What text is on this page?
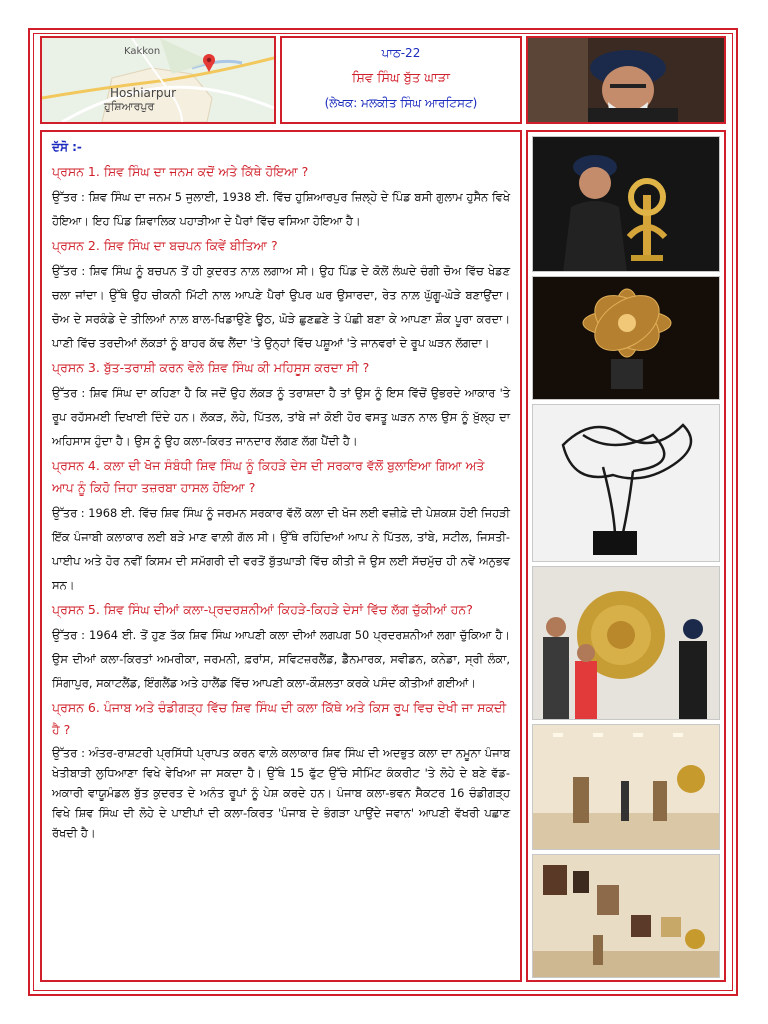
Kakkon
Hoshiarpur
ਹੁਸ਼ਿਆਰਪੁਰ
ਪਾਠ-22
ਸ਼ਿਵ ਸਿੰਘ ਬੁੱਤ ਘਾੜਾ
(ਲੇਖਕ: ਮਲਕੀਤ ਸਿੰਘ ਆਰਟਿਸਟ)
ਦੱਸੋ :-
ਪ੍ਰਸਨ 1. ਸ਼ਿਵ ਸਿੰਘ ਦਾ ਜਨਮ ਕਦੋਂ ਅਤੇ ਕਿੱਥੇ ਹੋਇਆ ?
ਉੱਤਰ : ਸ਼ਿਵ ਸਿੰਘ ਦਾ ਜਨਮ 5 ਜੁਲਾਈ, 1938 ਈ. ਵਿੱਚ ਹੁਸ਼ਿਆਰਪੁਰ ਜ਼ਿਲ੍ਹੇ ਦੇ ਪਿੰਡ ਬਸੀ ਗੁਲਾਮ ਹੁਸੈਨ ਵਿਖੇ ਹੋਇਆ। ਇਹ ਪਿੰਡ ਸ਼ਿਵਾਲਿਕ ਪਹਾੜੀਆ ਦੇ ਪੈਰਾਂ ਵਿੱਚ ਵਸਿਆ ਹੋਇਆ ਹੈ।
ਪ੍ਰਸਨ 2. ਸ਼ਿਵ ਸਿੰਘ ਦਾ ਬਚਪਨ ਕਿਵੇਂ ਬੀਤਿਆ ?
ਉੱਤਰ : ਸ਼ਿਵ ਸਿੰਘ ਨੂੰ ਬਚਪਨ ਤੋਂ ਹੀ ਕੁਦਰਤ ਨਾਲ਼ ਲਗਾਅ ਸੀ। ਉਹ ਪਿੰਡ ਦੇ ਕੋਲੋਂ ਲੰਘਦੇ ਚੰਗੀ ਚੋਅ ਵਿੱਚ ਖੇਡਣ ਚਲਾ ਜਾਂਦਾ। ਉੱਥੇ ਉਹ ਚੀਕਨੀ ਮਿੱਟੀ ਨਾਲ ਆਪਣੇ ਪੈਰਾਂ ਉਪਰ ਘਰ ਉਸਾਰਦਾ, ਰੇਤ ਨਾਲ਼ ਘੁੱਗੂ-ਘੋੜੇ ਬਣਾਉਂਦਾ। ਚੋਅ ਦੇ ਸਰਕੰਡੇ ਦੇ ਤੀਲਿਆਂ ਨਾਲ਼ ਬਾਲ-ਖਿਡਾਉਣੇ ਊਠ, ਘੋੜੇ ਛੁਣਛਣੇ ਤੇ ਪੰਛੀ ਬਣਾ ਕੇ ਆਪਣਾ ਸ਼ੌਕ ਪੂਰਾ ਕਰਦਾ। ਪਾਣੀ ਵਿੱਚ ਤਰਦੀਆਂ ਲੱਕੜਾਂ ਨੂੰ ਬਾਹਰ ਕੱਢ ਲੈਂਦਾ 'ਤੇ ਉਨ੍ਹਾਂ ਵਿੱਚ ਪਸ਼ੂਆਂ 'ਤੇ ਜਾਨਵਰਾਂ ਦੇ ਰੂਪ ਘੜਨ ਲੱਗਦਾ।
ਪ੍ਰਸਨ 3. ਬੁੱਤ-ਤਰਾਸ਼ੀ ਕਰਨ ਵੇਲੇ ਸ਼ਿਵ ਸਿੰਘ ਕੀ ਮਹਿਸੂਸ ਕਰਦਾ ਸੀ ?
ਉੱਤਰ : ਸ਼ਿਵ ਸਿੰਘ ਦਾ ਕਹਿਣਾ ਹੈ ਕਿ ਜਦੋਂ ਉਹ ਲੱਕੜ ਨੂੰ ਤਰਾਸ਼ਦਾ ਹੈ ਤਾਂ ਉਸ ਨੂੰ ਇਸ ਵਿੱਚੋਂ ਉਭਰਦੇ ਆਕਾਰ 'ਤੇ ਰੂਪ ਰਹੱਸਮਈ ਦਿਖਾਈ ਦਿੰਦੇ ਹਨ। ਲੱਕੜ, ਲੋਹੇ, ਪਿੱਤਲ, ਤਾਂਬੇ ਜਾਂ ਕੋਈ ਹੋਰ ਵਸਤੂ ਘੜਨ ਨਾਲ ਉਸ ਨੂੰ ਖ਼ੁੱਲ੍ਹ ਦਾ ਅਹਿਸਾਸ ਹੁੰਦਾ ਹੈ। ਉਸ ਨੂੰ ਉਹ ਕਲਾ-ਕਿਰਤ ਜਾਨਦਾਰ ਲੱਗਣ ਲੱਗ ਪੈਂਦੀ ਹੈ।
ਪ੍ਰਸਨ 4. ਕਲਾ ਦੀ ਖੋਜ ਸੰਬੰਧੀ ਸ਼ਿਵ ਸਿੰਘ ਨੂੰ ਕਿਹੜੇ ਦੇਸ ਦੀ ਸਰਕਾਰ ਵੱਲੋਂ ਬੁਲਾਇਆ ਗਿਆ ਅਤੇ ਆਪ ਨੂੰ ਕਿਹੋ ਜਿਹਾ ਤਜ਼ਰਬਾ ਹਾਸਲ ਹੋਇਆ ?
ਉੱਤਰ : 1968 ਈ. ਵਿੱਚ ਸ਼ਿਵ ਸਿੰਘ ਨੂੰ ਜਰਮਨ ਸਰਕਾਰ ਵੱਲੋਂ ਕਲਾ ਦੀ ਖੋਜ ਲਈ ਵਜ਼ੀਫ਼ੇ ਦੀ ਪੇਸ਼ਕਸ਼ ਹੋਈ ਜਿਹੜੀ ਇੱਕ ਪੰਜਾਬੀ ਕਲਾਕਾਰ ਲਈ ਬੜੇ ਮਾਣ ਵਾਲ਼ੀ ਗੱਲ ਸੀ। ਉੱਥੇ ਰਹਿੰਦਿਆਂ ਆਪ ਨੇ ਪਿੱਤਲ, ਤਾਂਬੇ, ਸਟੀਲ, ਜਿਸਤੀ-ਪਾਈਪ ਅਤੇ ਹੋਰ ਨਵੀਂ ਕਿਸਮ ਦੀ ਸਮੱਗਰੀ ਦੀ ਵਰਤੋਂ ਬੁੱਤਘਾੜੀ ਵਿੱਚ ਕੀਤੀ ਜੋ ਉਸ ਲਈ ਸੱਚਮੁੱਚ ਹੀ ਨਵੇਂ ਅਨੁਭਵ ਸਨ।
ਪ੍ਰਸਨ 5. ਸ਼ਿਵ ਸਿੰਘ ਦੀਆਂ ਕਲਾ-ਪ੍ਰਦਰਸ਼ਨੀਆਂ ਕਿਹੜੇ-ਕਿਹੜੇ ਦੇਸਾਂ ਵਿੱਚ ਲੱਗ ਚੁੱਕੀਆਂ ਹਨ?
ਉੱਤਰ : 1964 ਈ. ਤੋਂ ਹੁਣ ਤੱਕ ਸ਼ਿਵ ਸਿੰਘ ਆਪਣੀ ਕਲਾ ਦੀਆਂ ਲਗਪਗ 50 ਪ੍ਰਦਰਸ਼ਨੀਆਂ ਲਗਾ ਚੁੱਕਿਆ ਹੈ। ਉਸ ਦੀਆਂ ਕਲਾ-ਕਿਰਤਾਂ ਅਮਰੀਕਾ, ਜਰਮਨੀ, ਫ਼ਰਾਂਸ, ਸਵਿਟਜ਼ਰਲੈਂਡ, ਡੈੱਨਮਾਰਕ, ਸਵੀਡਨ, ਕਨੇਡਾ, ਸ੍ਰੀ ਲੰਕਾ, ਸਿੰਗਾਪੁਰ, ਸਕਾਟਲੈਂਡ, ਇੰਗਲੈਂਡ ਅਤੇ ਹਾਲੈਂਡ ਵਿੱਚ ਆਪਣੀ ਕਲਾ-ਕੌਸ਼ਲਤਾ ਕਰਕੇ ਪਸੰਦ ਕੀਤੀਆਂ ਗਈਆਂ।
ਪ੍ਰਸਨ 6. ਪੰਜਾਬ ਅਤੇ ਚੰਡੀਗੜ੍ਹ ਵਿੱਚ ਸ਼ਿਵ ਸਿੰਘ ਦੀ ਕਲਾ ਕਿੱਥੇ ਅਤੇ ਕਿਸ ਰੂਪ ਵਿਚ ਦੇਖੀ ਜਾ ਸਕਦੀ ਹੈ ?
ਉੱਤਰ : ਅੰਤਰ-ਰਾਸ਼ਟਰੀ ਪ੍ਰਸਿੱਧੀ ਪ੍ਰਾਪਤ ਕਰਨ ਵਾਲ਼ੇ ਕਲਾਕਾਰ ਸ਼ਿਵ ਸਿੰਘ ਦੀ ਅਦਭੁਤ ਕਲਾ ਦਾ ਨਮੂਨਾ ਪੰਜਾਬ ਖੇਤੀਬਾੜੀ ਲੁਧਿਆਣਾ ਵਿਖੇ ਵੇਖਿਆ ਜਾ ਸਕਦਾ ਹੈ। ਉੱਥੇ 15 ਫੁੱਟ ਉੱਚੇ ਸੀਮਿੰਟ ਕੰਕਰੀਟ 'ਤੇ ਲੋਹੇ ਦੇ ਬਣੇ ਵੱਡ-ਅਕਾਰੀ ਵਾਯੂਮੰਡਲ ਬੁੱਤ ਕੁਦਰਤ ਦੇ ਅਨੰਤ ਰੂਪਾਂ ਨੂੰ ਪੇਸ਼ ਕਰਦੇ ਹਨ। ਪੰਜਾਬ ਕਲਾ-ਭਵਨ ਸੈਕਟਰ 16 ਚੰਡੀਗੜ੍ਹ ਵਿਖੇ ਸ਼ਿਵ ਸਿੰਘ ਦੀ ਲੋਹੇ ਦੇ ਪਾਈਪਾਂ ਦੀ ਕਲਾ-ਕਿਰਤ 'ਪੰਜਾਬ ਦੇ ਭੰਗੜਾ ਪਾਉਂਦੇ ਜਵਾਨ' ਆਪਣੀ ਵੱਖਰੀ ਪਛਾਣ ਰੱਖਦੀ ਹੈ।
